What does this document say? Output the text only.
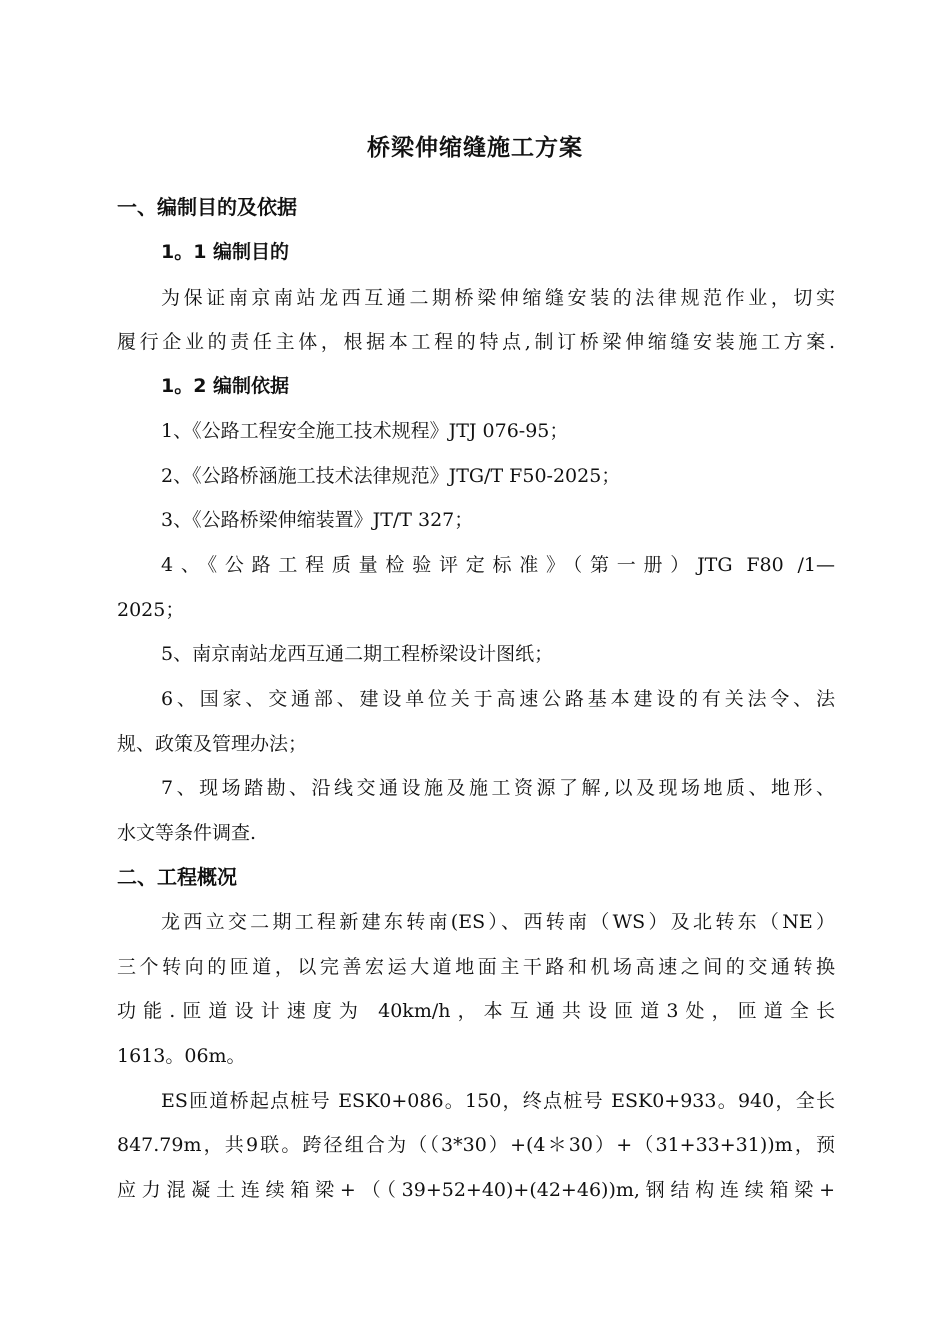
桥梁伸缩缝施工方案
一、编制目的及依据
1。1 编制目的
为保证南京南站龙西互通二期桥梁伸缩缝安装的法律规范作业，切实
履行企业的责任主体，根据本工程的特点,制订桥梁伸缩缝安装施工方案.
1。2 编制依据
1、《公路工程安全施工技术规程》JTJ 076-95；
2、《公路桥涵施工技术法律规范》JTG/T F50-2025；
3、《公路桥梁伸缩装置》JT/T 327；
4、《公路工程质量检验评定标准》（第一册）JTG F80 /1—
2025；
5、南京南站龙西互通二期工程桥梁设计图纸；
6、国家、交通部、建设单位关于高速公路基本建设的有关法令、法
规、政策及管理办法；
7、现场踏勘、沿线交通设施及施工资源了解,以及现场地质、地形、
水文等条件调查.
二、工程概况
龙西立交二期工程新建东转南(ES）、西转南（WS）及北转东（NE）
三个转向的匝道，以完善宏运大道地面主干路和机场高速之间的交通转换
功能.匝道设计速度为 40km/h，本互通共设匝道3处，匝道全长
1613。06m。
ES匝道桥起点桩号 ESK0+086。150，终点桩号 ESK0+933。940，全长
847.79m，共9联。跨径组合为（（3*30）+(4＊30）+（31+33+31))m，预
应力混凝土连续箱梁+（（39+52+40)+(42+46))m,钢结构连续箱梁+
